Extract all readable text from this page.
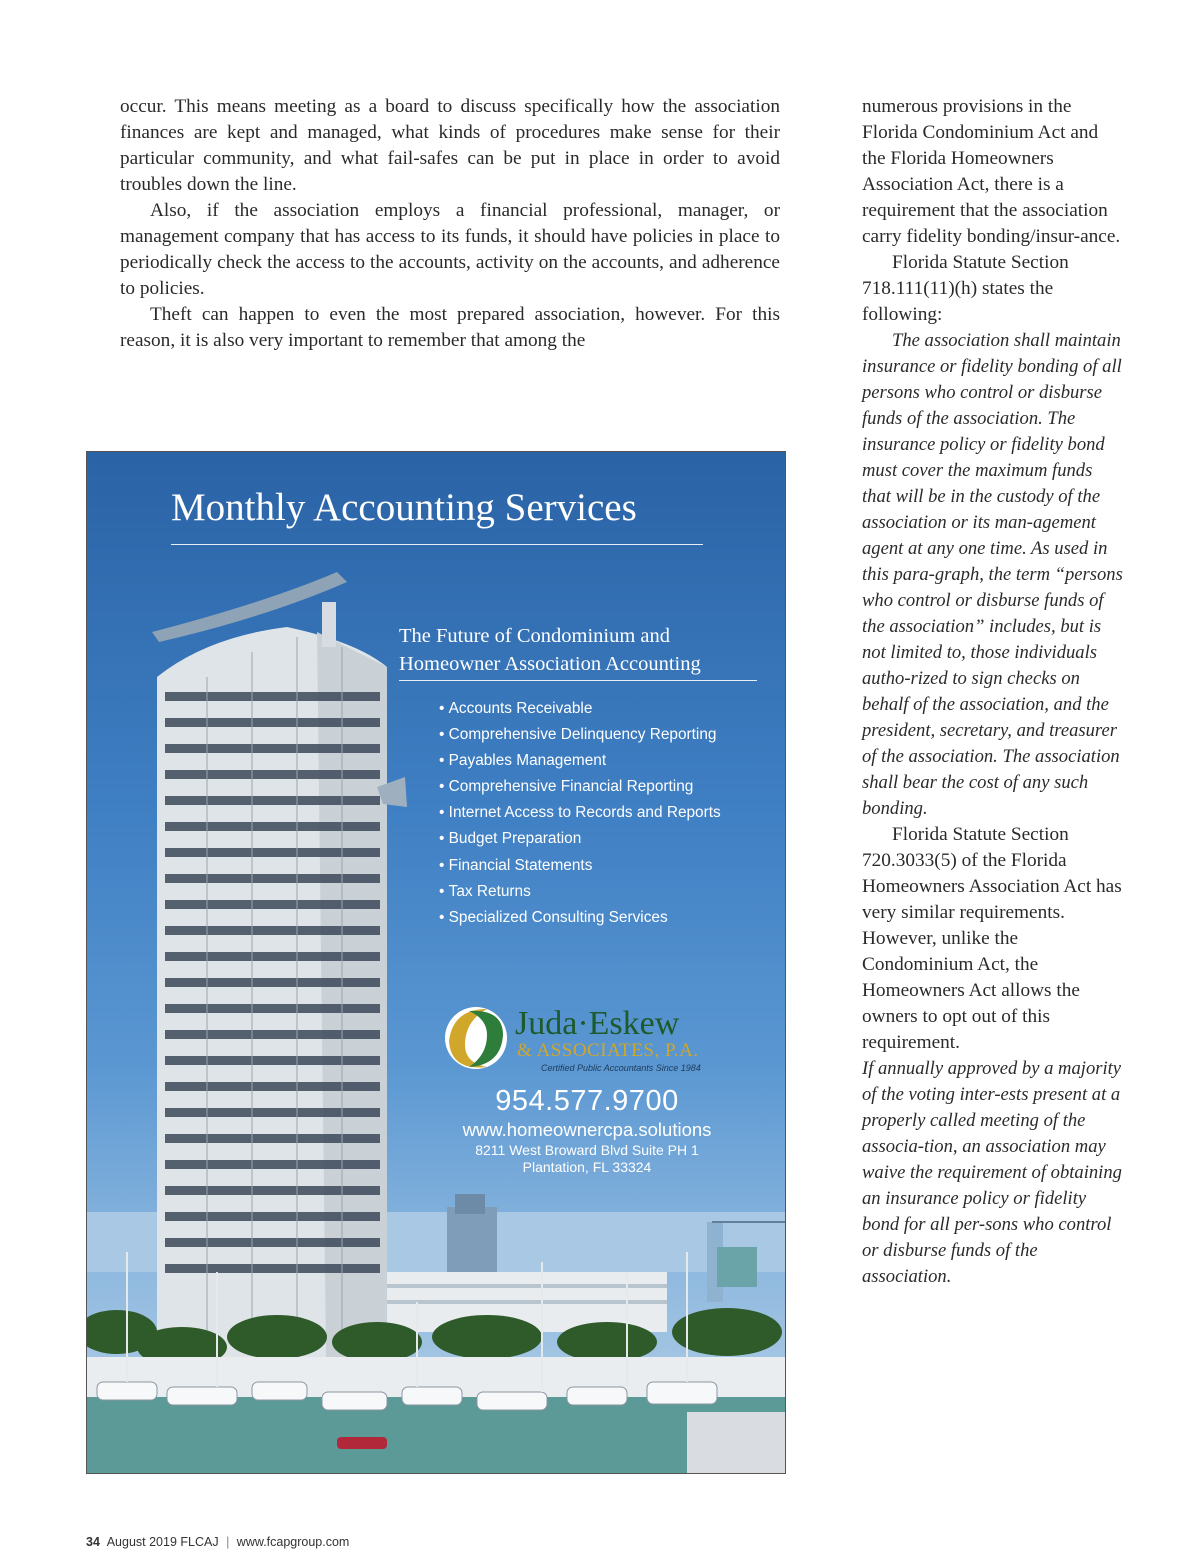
occur. This means meeting as a board to discuss specifically how the association finances are kept and managed, what kinds of procedures make sense for their particular community, and what fail-safes can be put in place in order to avoid troubles down the line.

Also, if the association employs a financial professional, manager, or management company that has access to its funds, it should have policies in place to periodically check the access to the accounts, activity on the accounts, and adherence to policies.

Theft can happen to even the most prepared association, however. For this reason, it is also very important to remember that among the

numerous provisions in the Florida Condominium Act and the Florida Homeowners Association Act, there is a requirement that the association carry fidelity bonding/insur-ance.

Florida Statute Section 718.111(11)(h) states the following:

The association shall maintain insurance or fidelity bonding of all persons who control or disburse funds of the association. The insurance policy or fidelity bond must cover the maximum funds that will be in the custody of the association or its man-agement agent at any one time. As used in this para-graph, the term “persons who control or disburse funds of the association” includes, but is not limited to, those individuals autho-rized to sign checks on behalf of the association, and the president, secretary, and treasurer of the association. The association shall bear the cost of any such bonding.

Florida Statute Section 720.3033(5) of the Florida Homeowners Association Act has very similar requirements. However, unlike the Condominium Act, the Homeowners Act allows the owners to opt out of this requirement.

If annually approved by a majority of the voting inter-ests present at a properly called meeting of the associa-tion, an association may waive the requirement of obtaining an insurance policy or fidelity bond for all per-sons who control or disburse funds of the association.

Monthly Accounting Services
The Future of Condominium and
Homeowner Association Accounting
• Accounts Receivable
• Comprehensive Delinquency Reporting
• Payables Management
• Comprehensive Financial Reporting
• Internet Access to Records and Reports
• Budget Preparation
• Financial Statements
• Tax Returns
• Specialized Consulting Services
Juda·Eskew
& ASSOCIATES, P.A.
Certified Public Accountants Since 1984
954.577.9700
www.homeownercpa.solutions
8211 West Broward Blvd Suite PH 1
Plantation, FL 33324
34 August 2019 FLCAJ | www.fcapgroup.com
